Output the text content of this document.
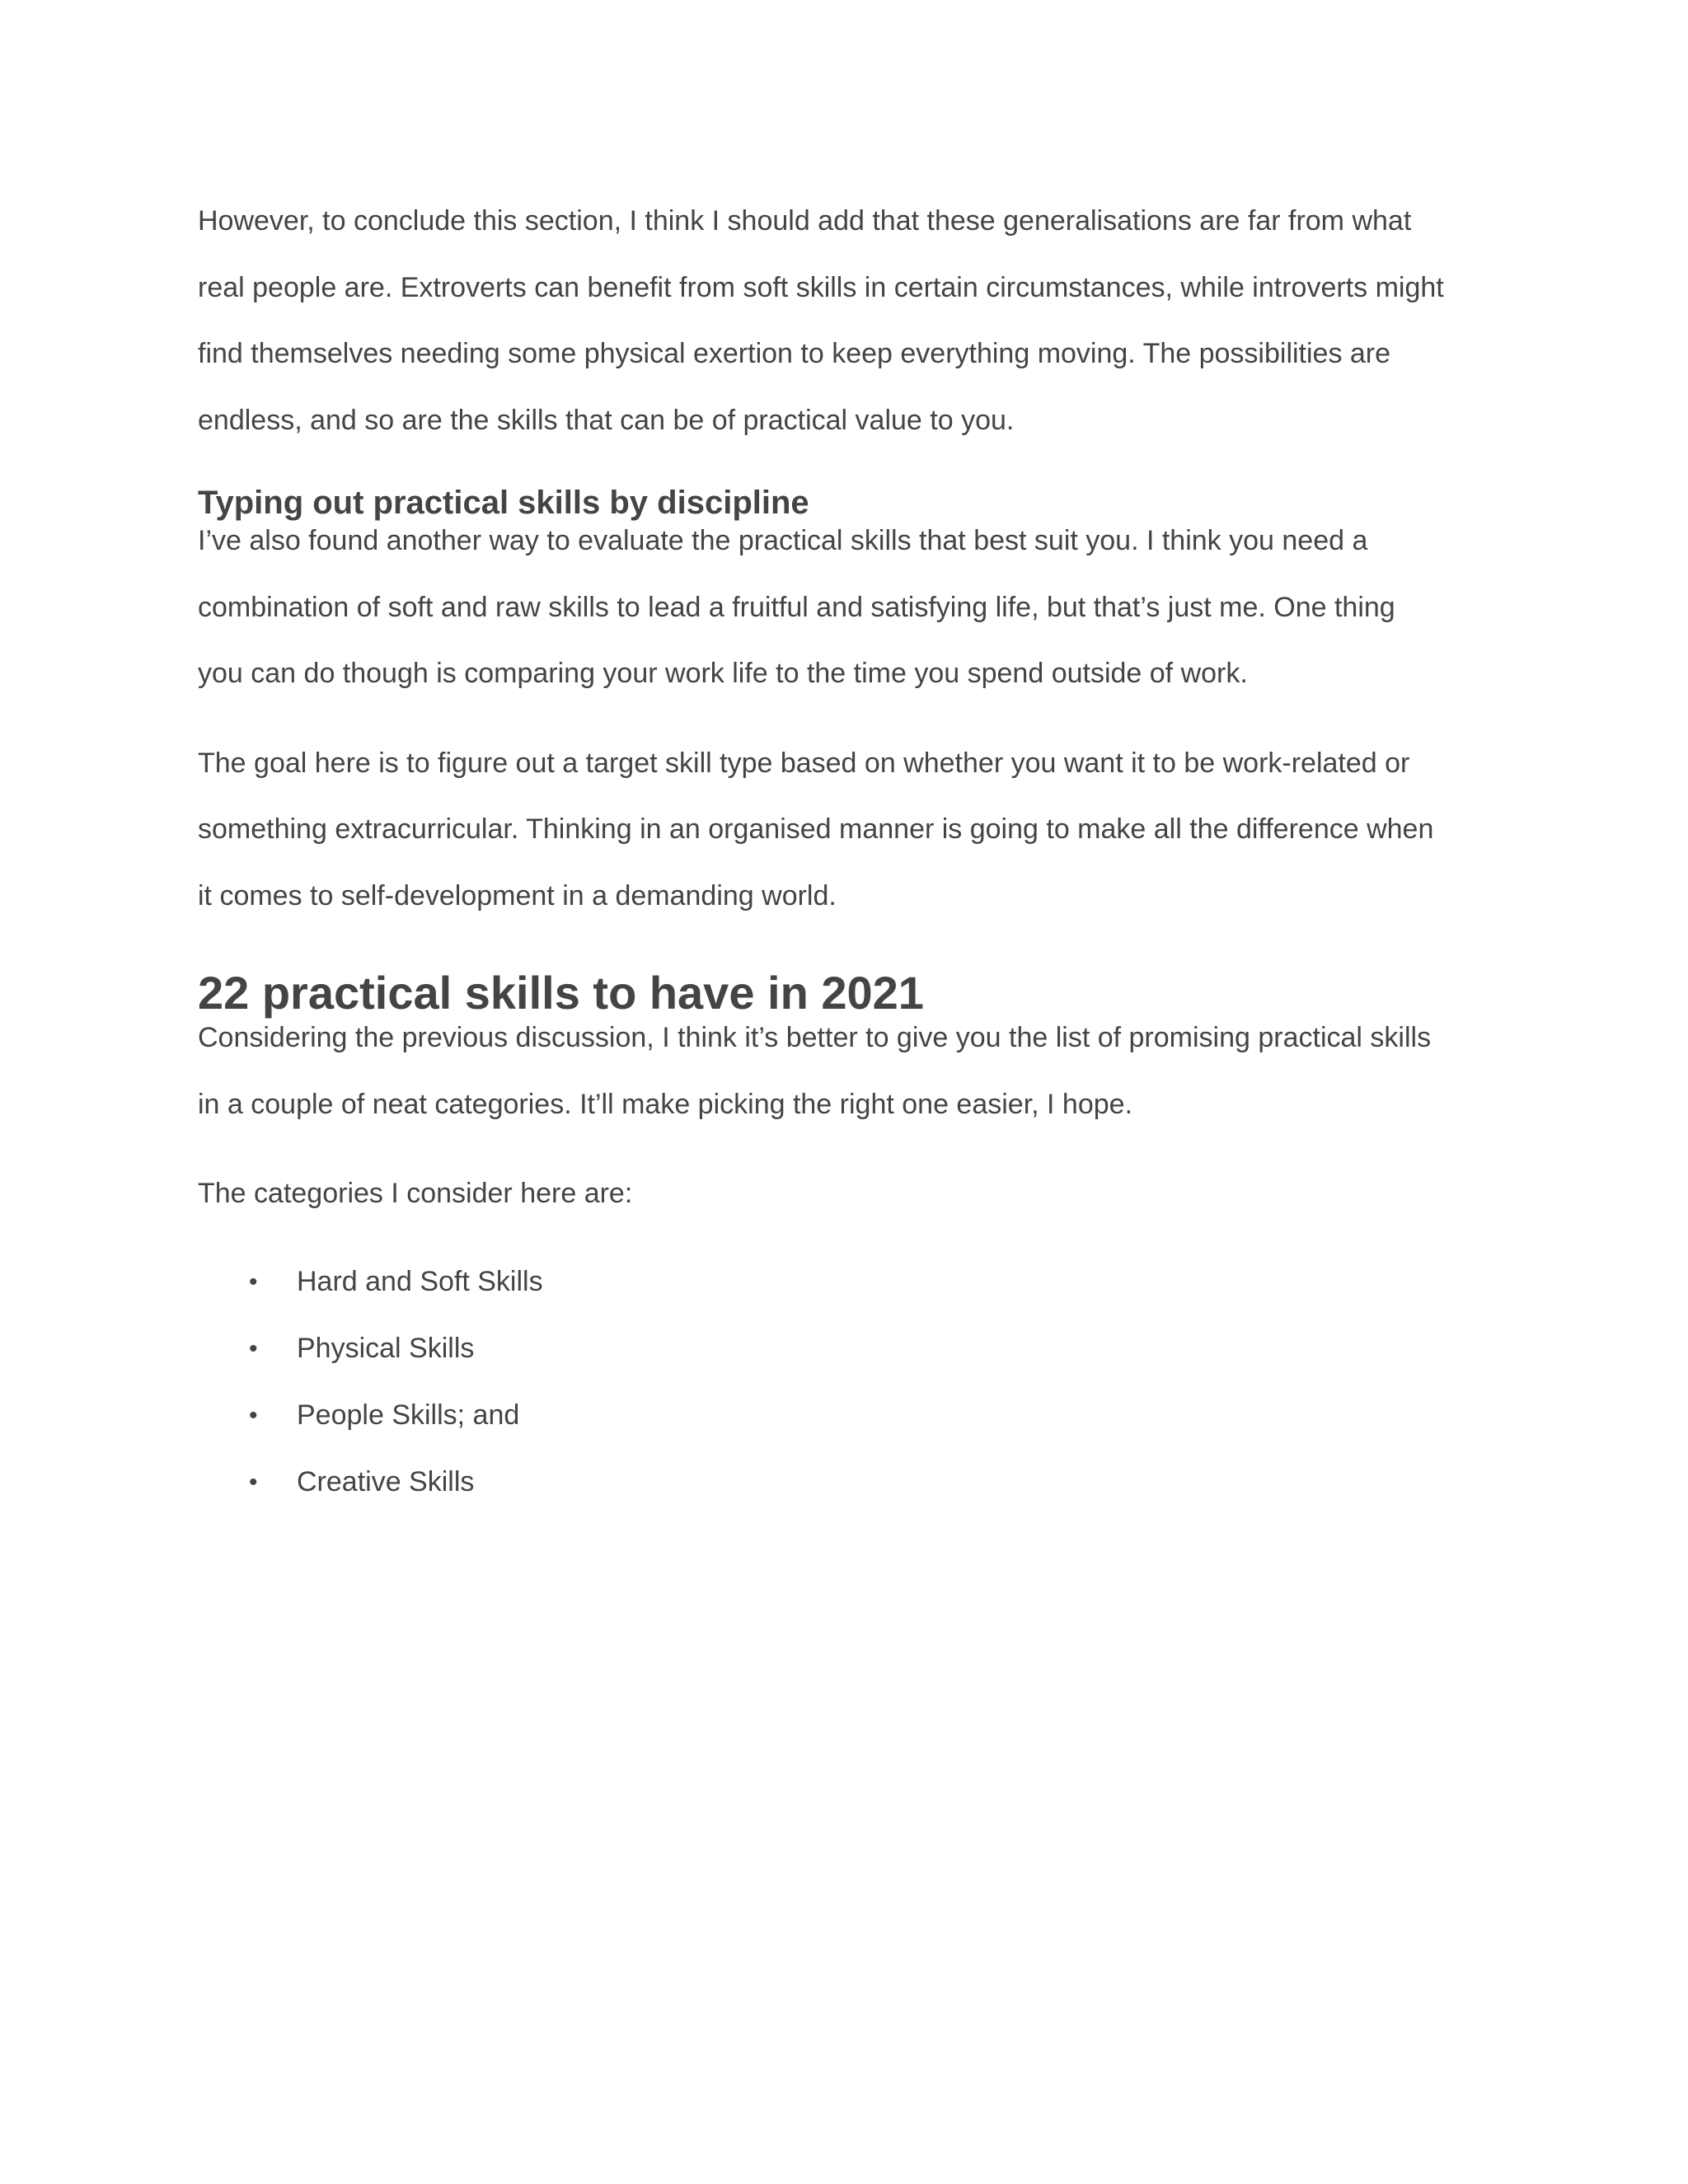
However, to conclude this section, I think I should add that these generalisations are far from what
real people are. Extroverts can benefit from soft skills in certain circumstances, while introverts might
find themselves needing some physical exertion to keep everything moving. The possibilities are
endless, and so are the skills that can be of practical value to you.

Typing out practical skills by discipline

I’ve also found another way to evaluate the practical skills that best suit you. I think you need a
combination of soft and raw skills to lead a fruitful and satisfying life, but that’s just me. One thing
you can do though is comparing your work life to the time you spend outside of work.

The goal here is to figure out a target skill type based on whether you want it to be work-related or
something extracurricular. Thinking in an organised manner is going to make all the difference when
it comes to self-development in a demanding world.

22 practical skills to have in 2021

Considering the previous discussion, I think it’s better to give you the list of promising practical skills
in a couple of neat categories. It’ll make picking the right one easier, I hope.

The categories I consider here are:

• Hard and Soft Skills
• Physical Skills
• People Skills; and
• Creative Skills
